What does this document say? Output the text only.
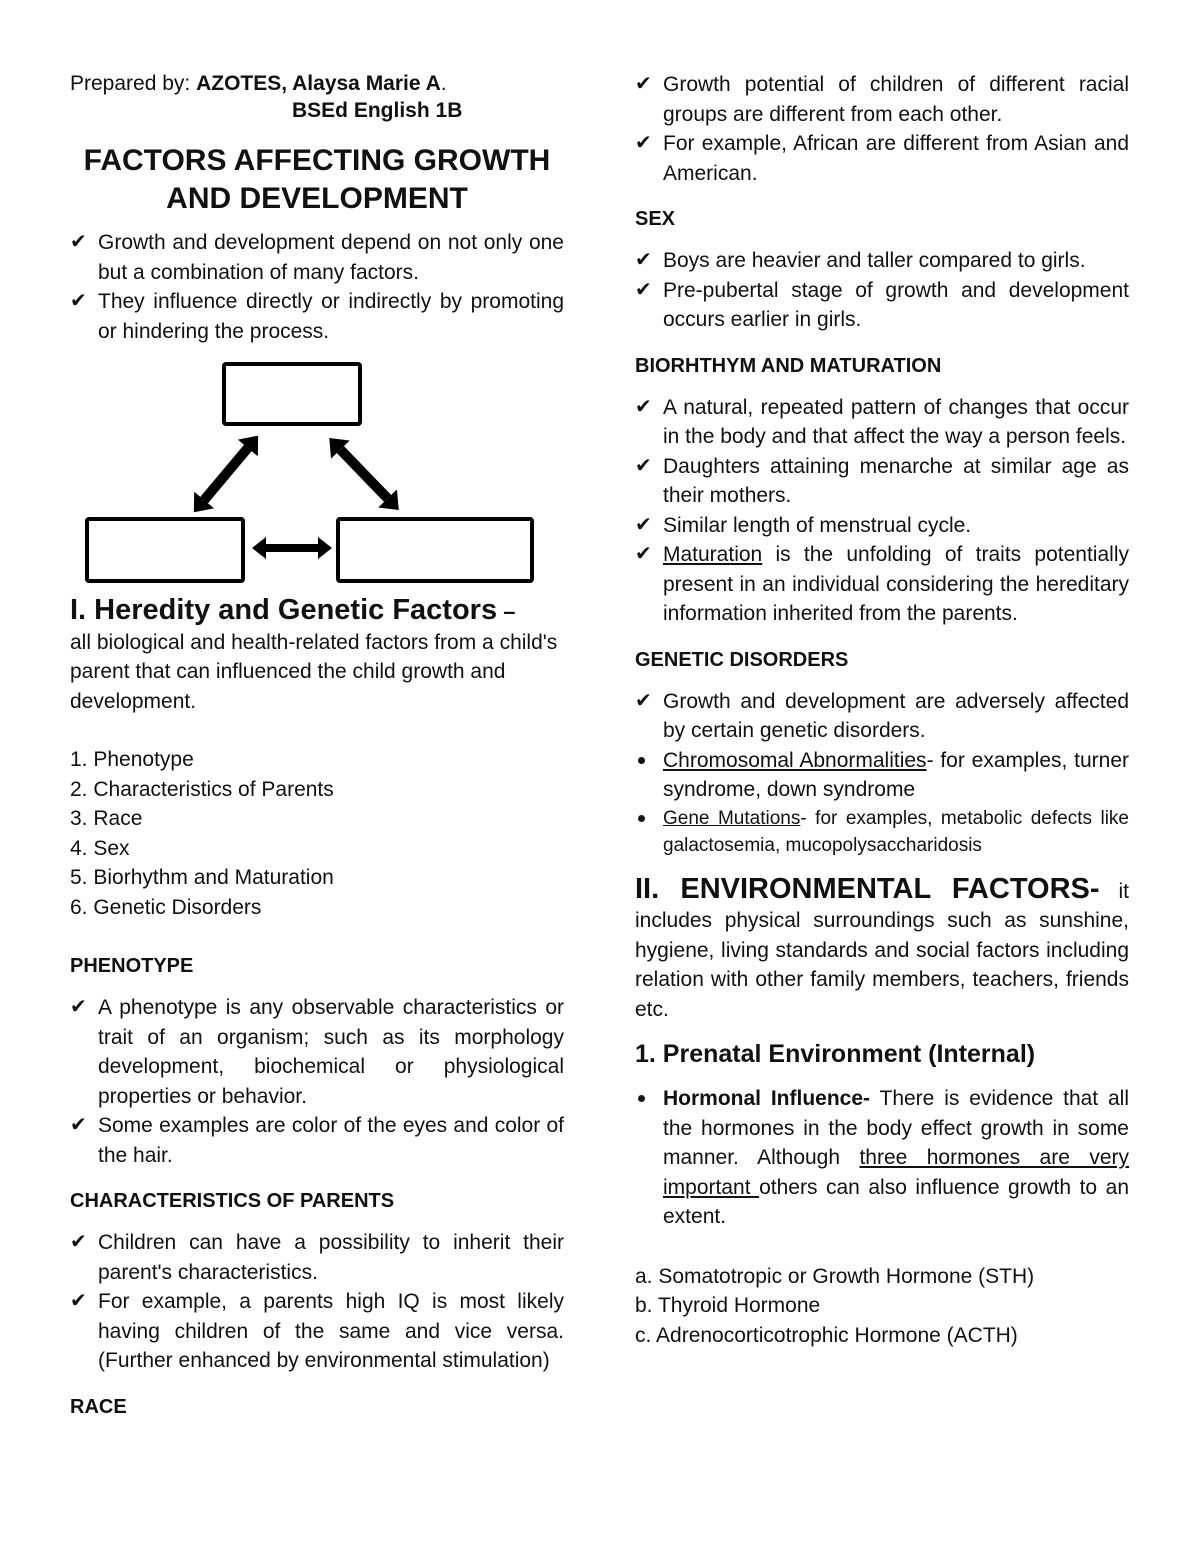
Prepared by: AZOTES, Alaysa Marie A.

BSEd English 1B

FACTORS AFFECTING GROWTH AND DEVELOPMENT
✔ Growth and development depend on not only one but a combination of many factors.
✔ They influence directly or indirectly by promoting or hindering the process.

I. Heredity and Genetic Factors –
all biological and health-related factors from a child's parent that can influenced the child growth and development.

1. Phenotype

2. Characteristics of Parents

3. Race

4. Sex

5. Biorhythm and Maturation

6. Genetic Disorders

PHENOTYPE
✔ A phenotype is any observable characteristics or trait of an organism; such as its morphology development, biochemical or physiological properties or behavior.
✔ Some examples are color of the eyes and color of the hair.
CHARACTERISTICS OF PARENTS
✔ Children can have a possibility to inherit their parent's characteristics.
✔ For example, a parents high IQ is most likely having children of the same and vice versa. (Further enhanced by environmental stimulation)
RACE
✔ Growth potential of children of different racial groups are different from each other.
✔ For example, African are different from Asian and American.
SEX
✔ Boys are heavier and taller compared to girls.
✔ Pre-pubertal stage of growth and development occurs earlier in girls.
BIORHTHYM AND MATURATION
✔ A natural, repeated pattern of changes that occur in the body and that affect the way a person feels.
✔ Daughters attaining menarche at similar age as their mothers.
✔ Similar length of menstrual cycle.
✔ Maturation is the unfolding of traits potentially present in an individual considering the hereditary information inherited from the parents.
GENETIC DISORDERS
✔ Growth and development are adversely affected by certain genetic disorders.
Chromosomal Abnormalities- for examples, turner syndrome, down syndrome
Gene Mutations- for examples, metabolic defects like galactosemia, mucopolysaccharidosis

II. ENVIRONMENTAL FACTORS- it includes physical surroundings such as sunshine, hygiene, living standards and social factors including relation with other family members, teachers, friends etc.

1. Prenatal Environment (Internal)
Hormonal Influence- There is evidence that all the hormones in the body effect growth in some manner. Although three hormones are very important others can also influence growth to an extent.

a. Somatotropic or Growth Hormone (STH)

b. Thyroid Hormone

c. Adrenocorticotrophic Hormone (ACTH)
